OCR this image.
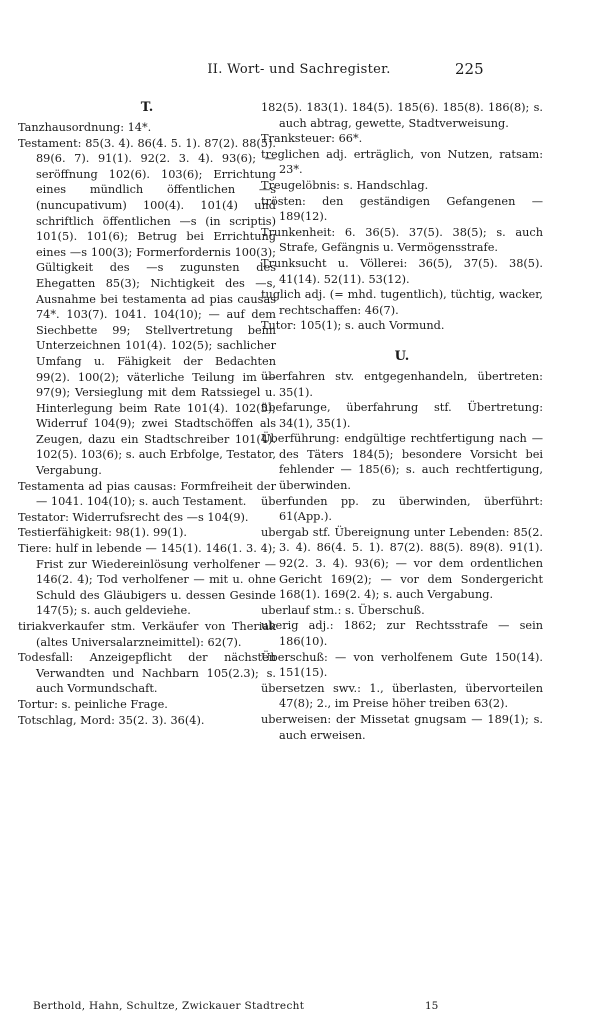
II. Wort- und Sachregister.	225
T.

Tanzhausordnung: 14*.

Testament: 85(3. 4). 86(4. 5. 1). 87(2). 88(5). 89(6. 7). 91(1). 92(2. 3. 4). 93(6); —seröffnung 102(6). 103(6); Errichtung eines mündlich öffentlichen —s (nuncupativum) 100(4). 101(4) und schriftlich öffentlichen —s (in scriptis) 101(5). 101(6); Betrug bei Errichtung eines —s 100(3); Formerfordernis 100(3); Gültigkeit des —s zugunsten des Ehegatten 85(3); Nichtigkeit des —s, Ausnahme bei testamenta ad pias causas 74*. 103(7). 1041. 104(10); — auf dem Siechbette 99; Stellvertretung beim Unterzeichnen 101(4). 102(5); sachlicher Umfang u. Fähigkeit der Bedachten 99(2). 100(2); väterliche Teilung im — 97(9); Versieglung mit dem Ratssiegel u. Hinterlegung beim Rate 101(4). 102(5); Widerruf 104(9); zwei Stadtschöffen als Zeugen, dazu ein Stadtschreiber 101(4). 102(5). 103(6); s. auch Erbfolge, Testator, Vergabung.

Testamenta ad pias causas: Formfreiheit der — 1041. 104(10); s. auch Testament.

Testator: Widerrufsrecht des —s 104(9).

Testierfähigkeit: 98(1). 99(1).

Tiere: hulf in lebende — 145(1). 146(1. 3. 4); Frist zur Wiedereinlösung verholfener — 146(2. 4); Tod verholfener — mit u. ohne Schuld des Gläubigers u. dessen Gesinde 147(5); s. auch geldeviehe.

tiriakverkaufer stm. Verkäufer von Theriak (altes Universalarzneimittel): 62(7).

Todesfall: Anzeigepflicht der nächsten Verwandten und Nachbarn 105(2.3); s. auch Vormundschaft.

Tortur: s. peinliche Frage.

Totschlag, Mord: 35(2. 3). 36(4).

182(5). 183(1). 184(5). 185(6). 185(8). 186(8); s. auch abtrag, gewette, Stadtverweisung.

Tranksteuer: 66*.

treglichen adj. erträglich, von Nutzen, ratsam: 23*.

Treugelöbnis: s. Handschlag.

trösten: den geständigen Gefangenen — 189(12).

Trunkenheit: 6. 36(5). 37(5). 38(5); s. auch Strafe, Gefängnis u. Vermögensstrafe.

Trunksucht u. Völlerei: 36(5), 37(5). 38(5). 41(14). 52(11). 53(12).

tuglich adj. (= mhd. tugentlich), tüchtig, wacker, rechtschaffen: 46(7).

Tutor: 105(1); s. auch Vormund.

U.

überfahren stv. entgegenhandeln, übertreten: 35(1).

übefarunge, überfahrung stf. Übertretung: 34(1), 35(1).

Überführung: endgültige rechtfertigung nach — des Täters 184(5); besondere Vorsicht bei fehlender — 185(6); s. auch rechtfertigung, überwinden.

überfunden pp. zu überwinden, überführt: 61(App.).

ubergab stf. Übereignung unter Lebenden: 85(2. 3. 4). 86(4. 5. 1). 87(2). 88(5). 89(8). 91(1). 92(2. 3. 4). 93(6); — vor dem ordentlichen Gericht 169(2); — vor dem Sondergericht 168(1). 169(2. 4); s. auch Vergabung.

uberlauf stm.: s. Überschuß.

uberig adj.: 1862; zur Rechtsstrafe — sein 186(10).

Überschuß: — von verholfenem Gute 150(14). 151(15).

übersetzen swv.: 1., überlasten, übervorteilen 47(8); 2., im Preise höher treiben 63(2).

uberweisen: der Missetat gnugsam — 189(1); s. auch erweisen.

Berthold, Hahn, Schultze, Zwickauer Stadtrecht	15
